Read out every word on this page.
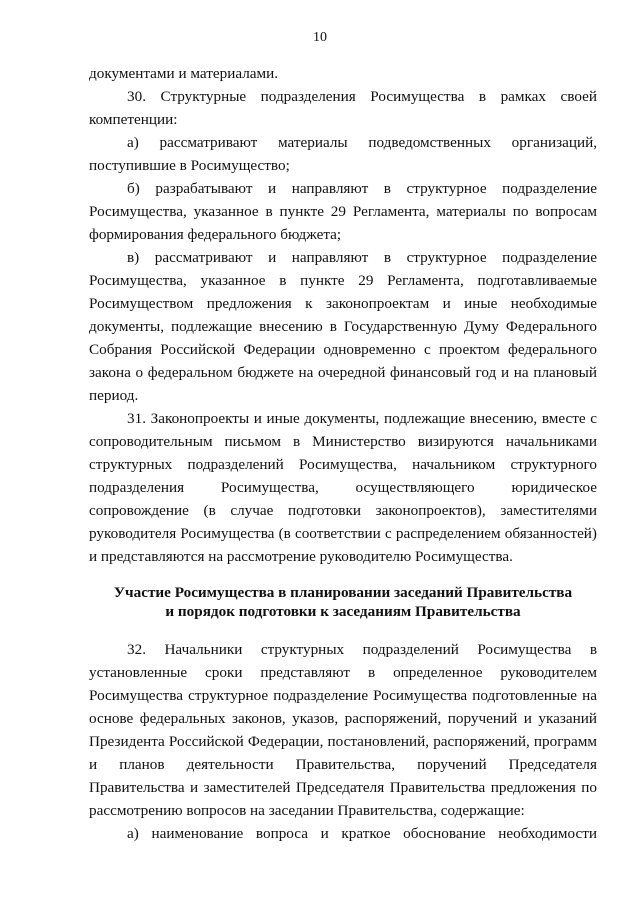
10

документами и материалами.

30. Структурные подразделения Росимущества в рамках своей компетенции:

а) рассматривают материалы подведомственных организаций, поступившие в Росимущество;

б) разрабатывают и направляют в структурное подразделение Росимущества, указанное в пункте 29 Регламента, материалы по вопросам формирования федерального бюджета;

в) рассматривают и направляют в структурное подразделение Росимущества, указанное в пункте 29 Регламента, подготавливаемые Росимуществом предложения к законопроектам и иные необходимые документы, подлежащие внесению в Государственную Думу Федерального Собрания Российской Федерации одновременно с проектом федерального закона о федеральном бюджете на очередной финансовый год и на плановый период.

31. Законопроекты и иные документы, подлежащие внесению, вместе с сопроводительным письмом в Министерство визируются начальниками структурных подразделений Росимущества, начальником структурного подразделения Росимущества, осуществляющего юридическое сопровождение (в случае подготовки законопроектов), заместителями руководителя Росимущества (в соответствии с распределением обязанностей) и представляются на рассмотрение руководителю Росимущества.

Участие Росимущества в планировании заседаний Правительства
и порядок подготовки к заседаниям Правительства

32. Начальники структурных подразделений Росимущества в установленные сроки представляют в определенное руководителем Росимущества структурное подразделение Росимущества подготовленные на основе федеральных законов, указов, распоряжений, поручений и указаний Президента Российской Федерации, постановлений, распоряжений, программ и планов деятельности Правительства, поручений Председателя Правительства и заместителей Председателя Правительства предложения по рассмотрению вопросов на заседании Правительства, содержащие:

а) наименование вопроса и краткое обоснование необходимости
